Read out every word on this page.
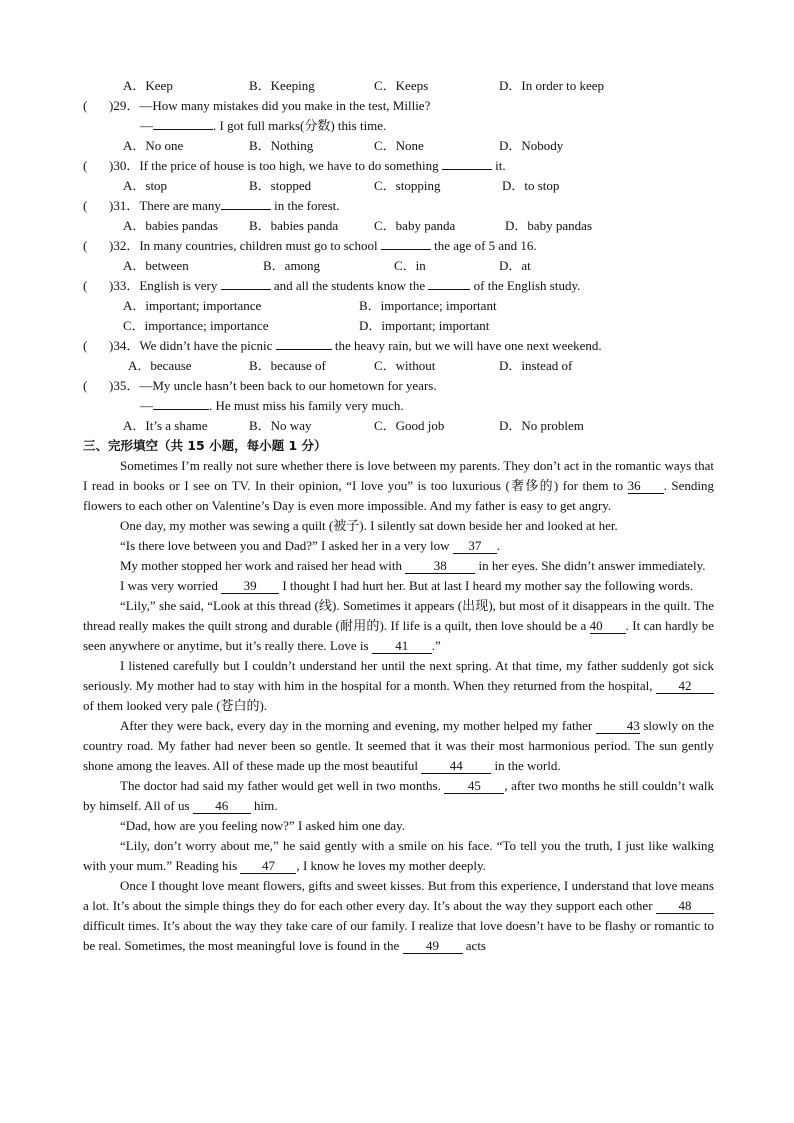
A．Keep	B．Keeping	C．Keeps	D．In order to keep
( )29．—How many mistakes did you make in the test, Millie?
—	. I got full marks(分数) this time.
A．No one	B．Nothing	C．None	D．Nobody
( )30．If the price of house is too high, we have to do something	it.
A．stop	B．stopped	C．stopping	D．to stop
( )31．There are many	in the forest.
A．babies pandas B．babies panda	C．baby panda	D．baby pandas
( )32．In many countries, children must go to school	the age of 5 and 16.
A．between	B．among	C．in	D．at
( )33．English is very	and all the students know the	of the English study.
A．important; importance	B．importance; important
C．importance; importance	D．important; important
( )34．We didn’t have the picnic	the heavy rain, but we will have one next weekend.
A．because	B．because of	C．without	D．instead of
( )35．—My uncle hasn’t been back to our hometown for years.
—	. He must miss his family very much.
A．It’s a shame	B．No way	C．Good job	D．No problem
三、完形填空（共 15 小题，每小题 1 分）

Sometimes I’m really not sure whether there is love between my parents. They don’t act in the romantic ways that I read in books or I see on TV. In their opinion, “I love you” is too luxurious (奢侈的) for them to 36 . Sending flowers to each other on Valentine’s Day is even more impossible. And my father is easy to get angry.

One day, my mother was sewing a quilt (被子). I silently sat down beside her and looked at her.

“Is there love between you and Dad?” I asked her in a very low 37 .

My mother stopped her work and raised her head with 38 in her eyes. She didn’t answer immediately.

I was very worried 39 I thought I had hurt her. But at last I heard my mother say the following words.

“Lily,” she said, “Look at this thread (线). Sometimes it appears (出现), but most of it disappears in the quilt. The thread really makes the quilt strong and durable (耐用的). If life is a quilt, then love should be a 40 . It can hardly be seen anywhere or anytime, but it’s really there. Love is 41 .”

I listened carefully but I couldn’t understand her until the next spring. At that time, my father suddenly got sick seriously. My mother had to stay with him in the hospital for a month. When they returned from the hospital, 42 of them looked very pale (苍白的).

After they were back, every day in the morning and evening, my mother helped my father 43 slowly on the country road. My father had never been so gentle. It seemed that it was their most harmonious period. The sun gently shone among the leaves. All of these made up the most beautiful 44 in the world.

The doctor had said my father would get well in two months. 45 , after two months he still couldn’t walk by himself. All of us 46 him.

“Dad, how are you feeling now?” I asked him one day.

“Lily, don’t worry about me,” he said gently with a smile on his face. “To tell you the truth, I just like walking with your mum.” Reading his 47 , I know he loves my mother deeply.

Once I thought love meant flowers, gifts and sweet kisses. But from this experience, I understand that love means a lot. It’s about the simple things they do for each other every day. It’s about the way they support each other 48 difficult times. It’s about the way they take care of our family. I realize that love doesn’t have to be flashy or romantic to be real. Sometimes, the most meaningful love is found in the 49 acts
